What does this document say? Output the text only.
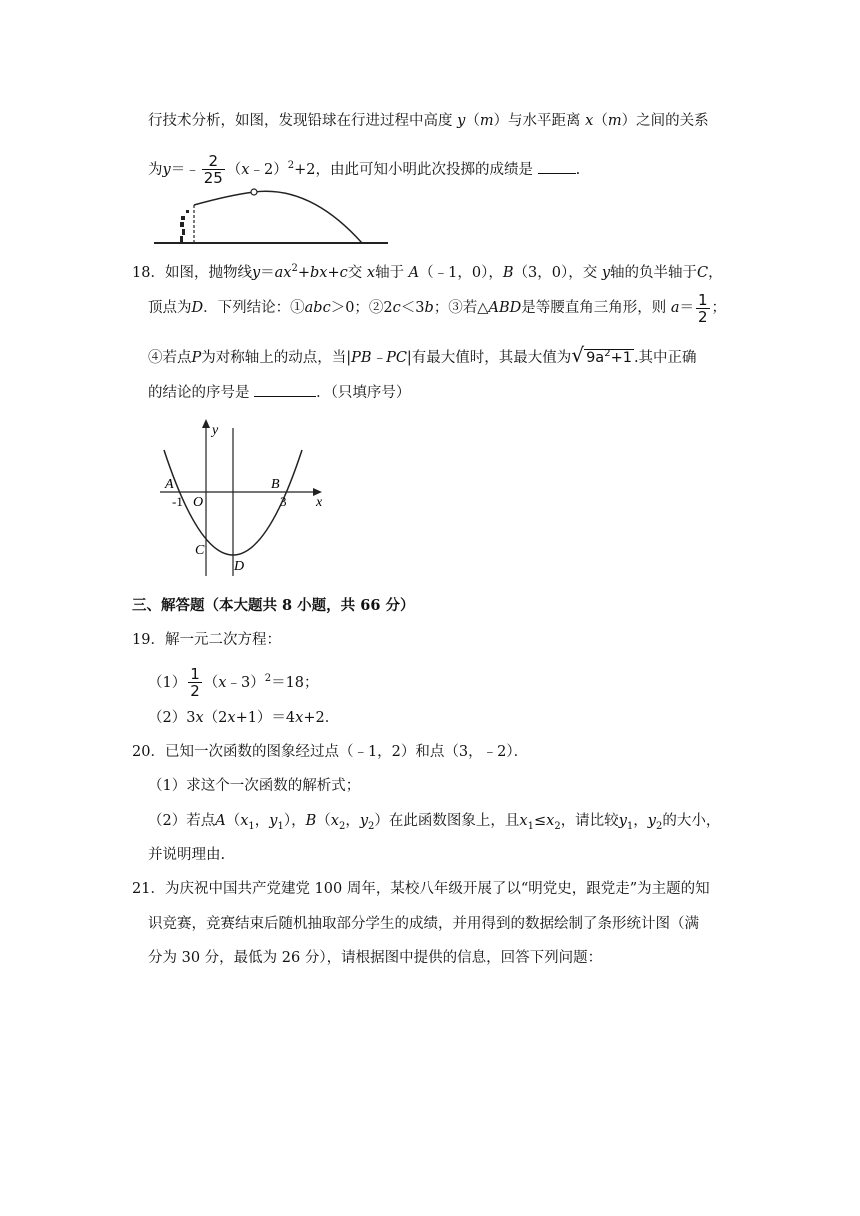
行技术分析，如图，发现铅球在行进过程中高度 y（m）与水平距离 x（m）之间的关系
为y＝﹣ $\frac{2}{25}$ （x﹣2）$^2$+2，由此可知小明此次投掷的成绩是	.
18．如图，抛物线$y=ax^2+bx+c$交 x轴于 A（﹣1，0），B（3，0），交 y轴的负半轴于C，
顶点为D．下列结论：①abc＞0；②2c＜3b；③若△ABD是等腰直角三角形，则 $a= \frac{1}{2}$ ；
④若点P为对称轴上的动点，当|PB﹣PC|有最大值时，其最大值为√ $9a^2+1$ .其中正确
的结论的序号是	．（只填序号）
y
x
A	B
C
D
O
-1	3
三、解答题（本大题共 8 小题，共 66 分）
19．解一元二次方程：
$(1) \frac{1}{2}$ （x﹣3）$^2$＝18；
（2）3x（2x+1）＝4x+2．
20．已知一次函数的图象经过点（﹣1，2）和点（3，﹣2）．
（1）求这个一次函数的解析式；
（2）若点$A(x_1$，$y_1$），$B(x_2$，$y_2$）在此函数图象上，且$x_1\le x_2$，请比较$y_1$，$y_2$的大小，
并说明理由.
21．为庆祝中国共产党建党 100 周年，某校八年级开展了以“明党史，跟党走”为主题的知
识竞赛，竞赛结束后随机抽取部分学生的成绩，并用得到的数据绘制了条形统计图（满
分为 30 分，最低为 26 分），请根据图中提供的信息，回答下列问题：
